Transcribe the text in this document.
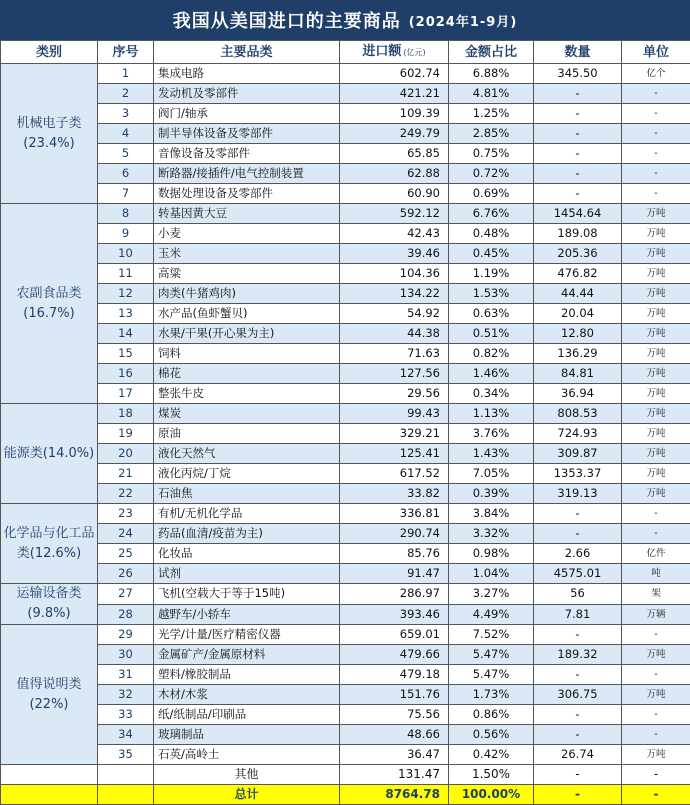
我国从美国进口的主要商品 (2024年1-9月)
类别	序号	主要品类	进口额 (亿元)	金额占比	数量	单位
机械电子类(23.4%)	1	集成电路	602.74	6.88%	345.50	亿个
	2	发动机及零部件	421.21	4.81%	-	-
	3	阀门/轴承	109.39	1.25%	-	-
	4	制半导体设备及零部件	249.79	2.85%	-	-
	5	音像设备及零部件	65.85	0.75%	-	-
	6	断路器/接插件/电气控制装置	62.88	0.72%	-	-
	7	数据处理设备及零部件	60.90	0.69%	-	-
农副食品类(16.7%)	8	转基因黄大豆	592.12	6.76%	1454.64	万吨
	9	小麦	42.43	0.48%	189.08	万吨
	10	玉米	39.46	0.45%	205.36	万吨
	11	高粱	104.36	1.19%	476.82	万吨
	12	肉类(牛猪鸡肉)	134.22	1.53%	44.44	万吨
	13	水产品(鱼虾蟹贝)	54.92	0.63%	20.04	万吨
	14	水果/干果(开心果为主)	44.38	0.51%	12.80	万吨
	15	饲料	71.63	0.82%	136.29	万吨
	16	棉花	127.56	1.46%	84.81	万吨
	17	整张牛皮	29.56	0.34%	36.94	万吨
能源类(14.0%)	18	煤炭	99.43	1.13%	808.53	万吨
	19	原油	329.21	3.76%	724.93	万吨
	20	液化天然气	125.41	1.43%	309.87	万吨
	21	液化丙烷/丁烷	617.52	7.05%	1353.37	万吨
	22	石油焦	33.82	0.39%	319.13	万吨
化学品与化工品类(12.6%)	23	有机/无机化学品	336.81	3.84%	-	-
	24	药品(血清/疫苗为主)	290.74	3.32%	-	-
	25	化妆品	85.76	0.98%	2.66	亿件
	26	试剂	91.47	1.04%	4575.01	吨
运输设备类(9.8%)	27	飞机(空载大于等于15吨)	286.97	3.27%	56	架
	28	越野车/小轿车	393.46	4.49%	7.81	万辆
值得说明类(22%)	29	光学/计量/医疗精密仪器	659.01	7.52%	-	-
	30	金属矿产/金属原材料	479.66	5.47%	189.32	万吨
	31	塑料/橡胶制品	479.18	5.47%	-	-
	32	木材/木浆	151.76	1.73%	306.75	万吨
	33	纸/纸制品/印刷品	75.56	0.86%	-	-
	34	玻璃制品	48.66	0.56%	-	-
	35	石英/高岭土	36.47	0.42%	26.74	万吨
		其他	131.47	1.50%	-	-
		总计	8764.78	100.00%	-	-
